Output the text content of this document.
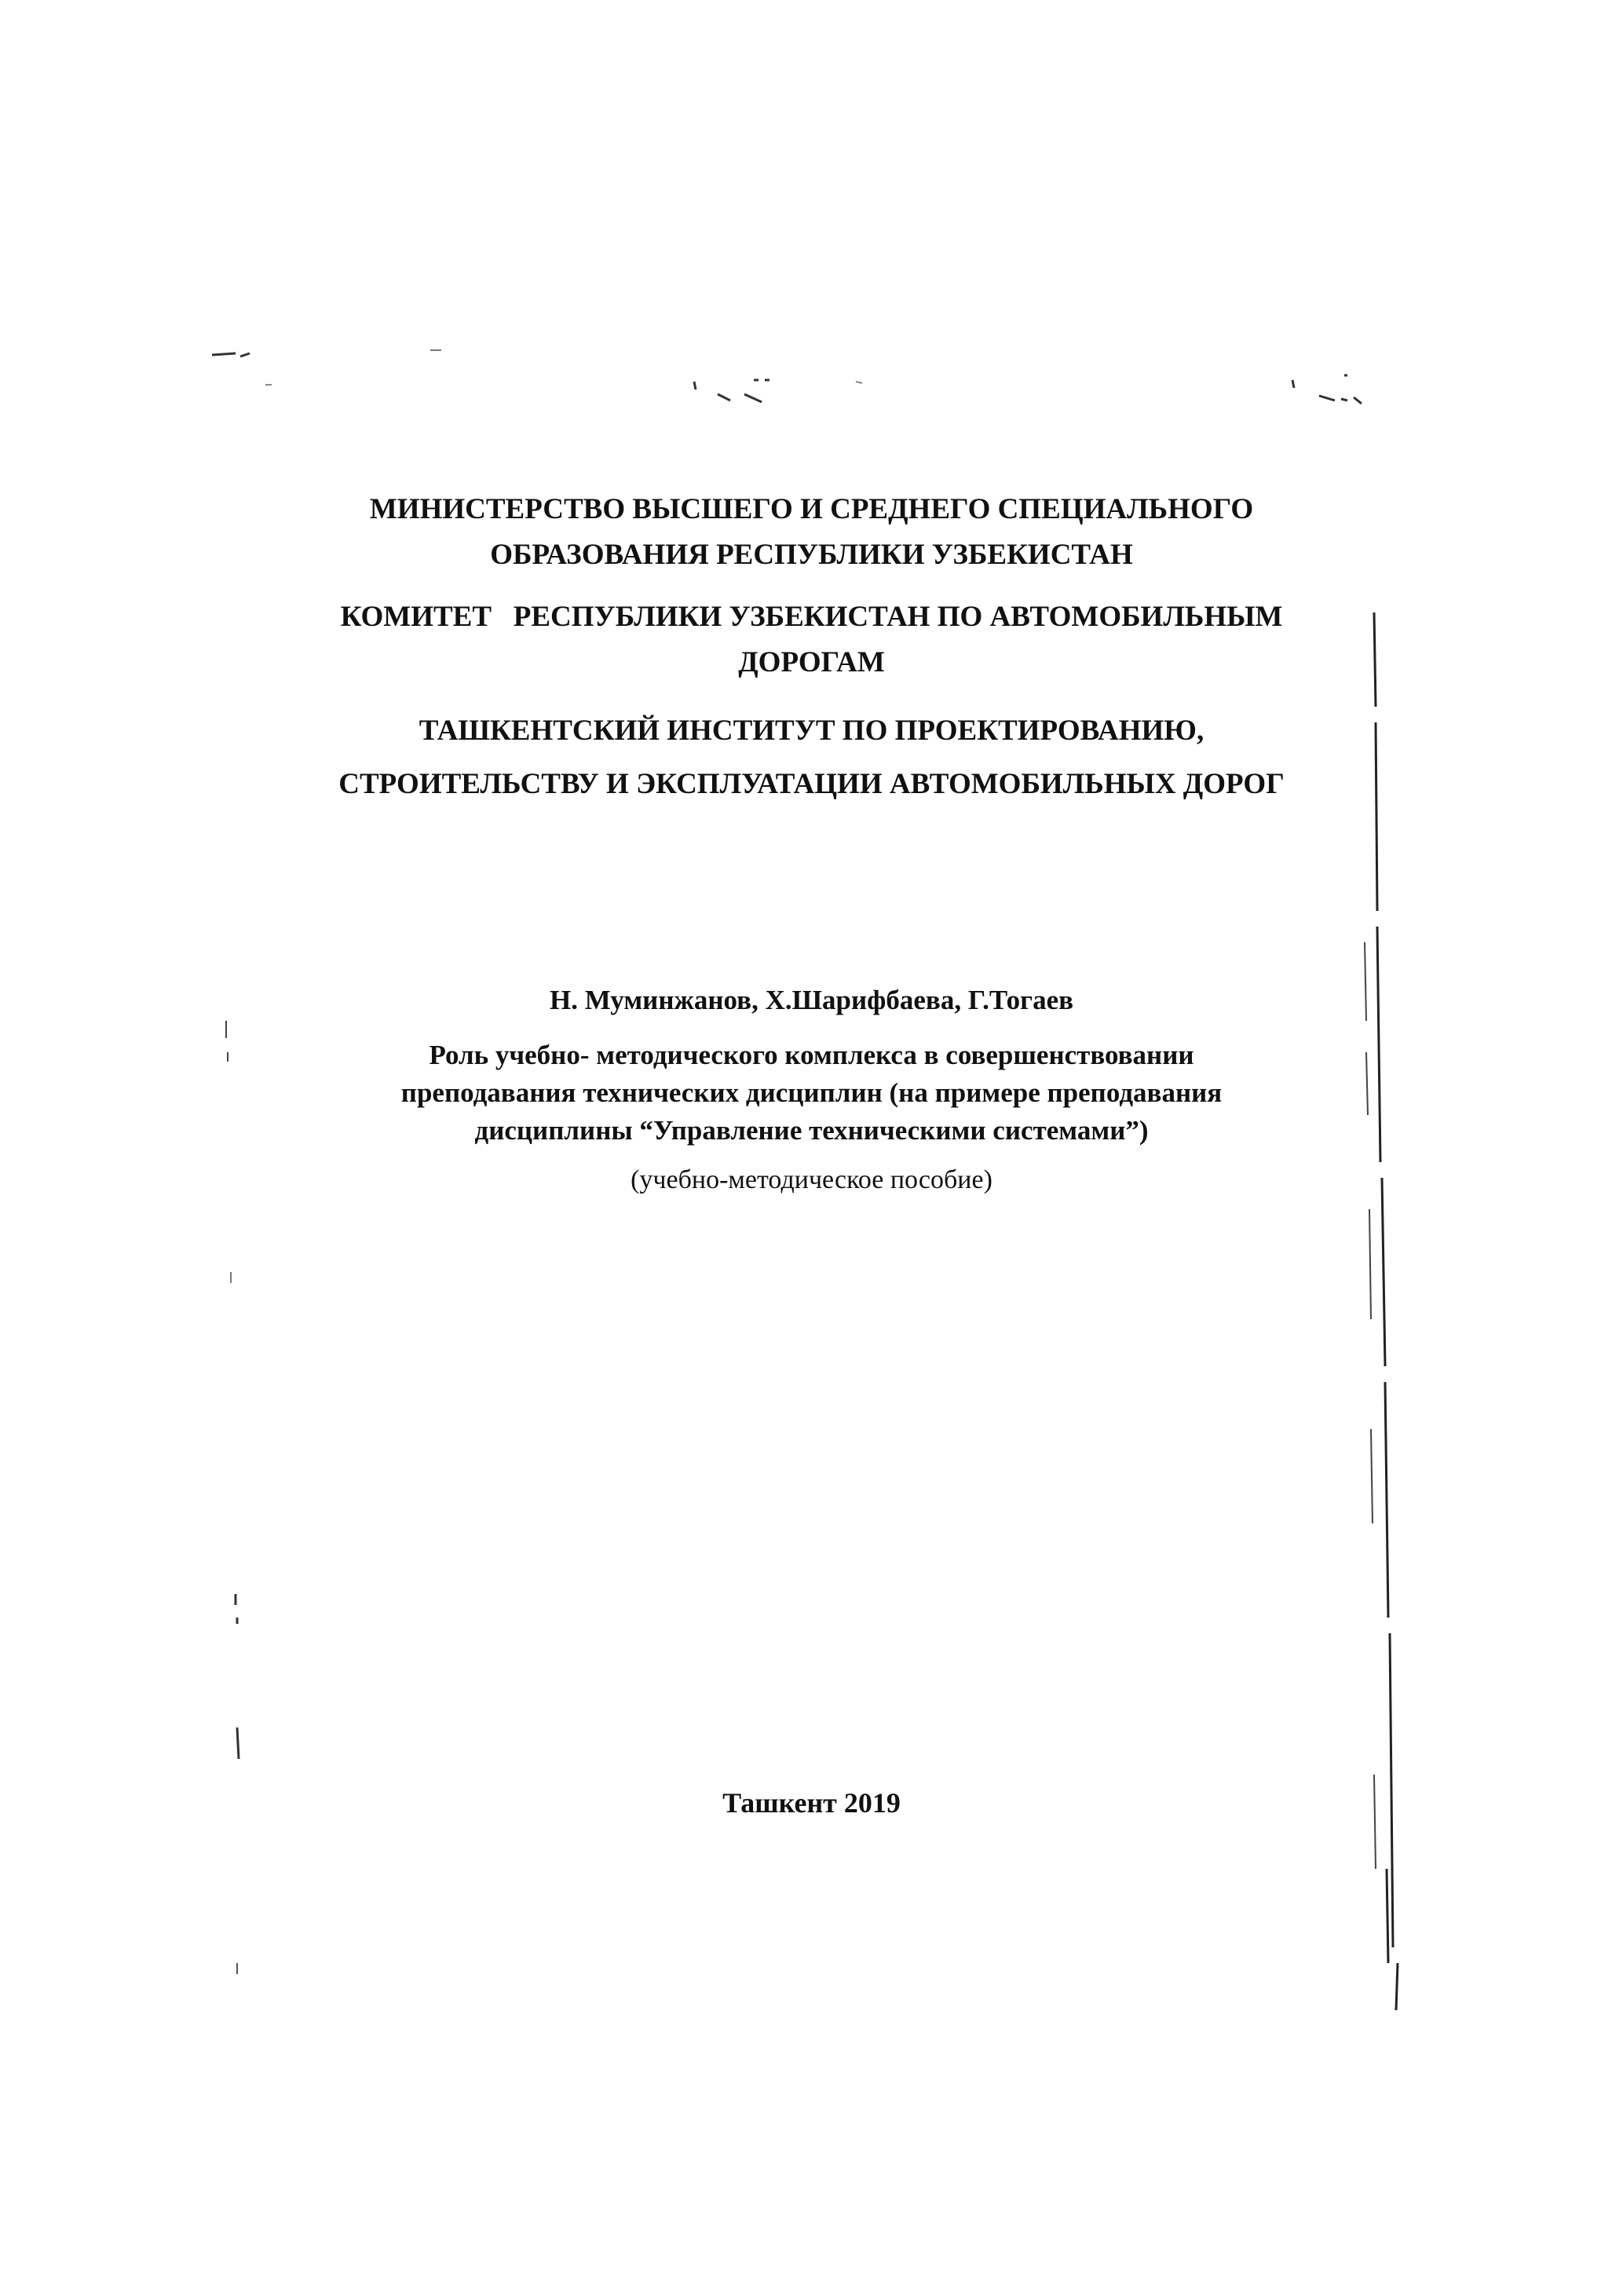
МИНИСТЕРСТВО ВЫСШЕГО И СРЕДНЕГО СПЕЦИАЛЬНОГО
ОБРАЗОВАНИЯ РЕСПУБЛИКИ УЗБЕКИСТАН
КОМИТЕТ   РЕСПУБЛИКИ УЗБЕКИСТАН ПО АВТОМОБИЛЬНЫМ
ДОРОГАМ
ТАШКЕНТСКИЙ ИНСТИТУТ ПО ПРОЕКТИРОВАНИЮ,
СТРОИТЕЛЬСТВУ И ЭКСПЛУАТАЦИИ АВТОМОБИЛЬНЫХ ДОРОГ
Н. Муминжанов, Х.Шарифбаева, Г.Тогаев
Роль учебно- методического комплекса в совершенствовании
преподавания технических дисциплин (на примере преподавания
дисциплины “Управление техническими системами”)
(учебно-методическое пособие)
Ташкент 2019
